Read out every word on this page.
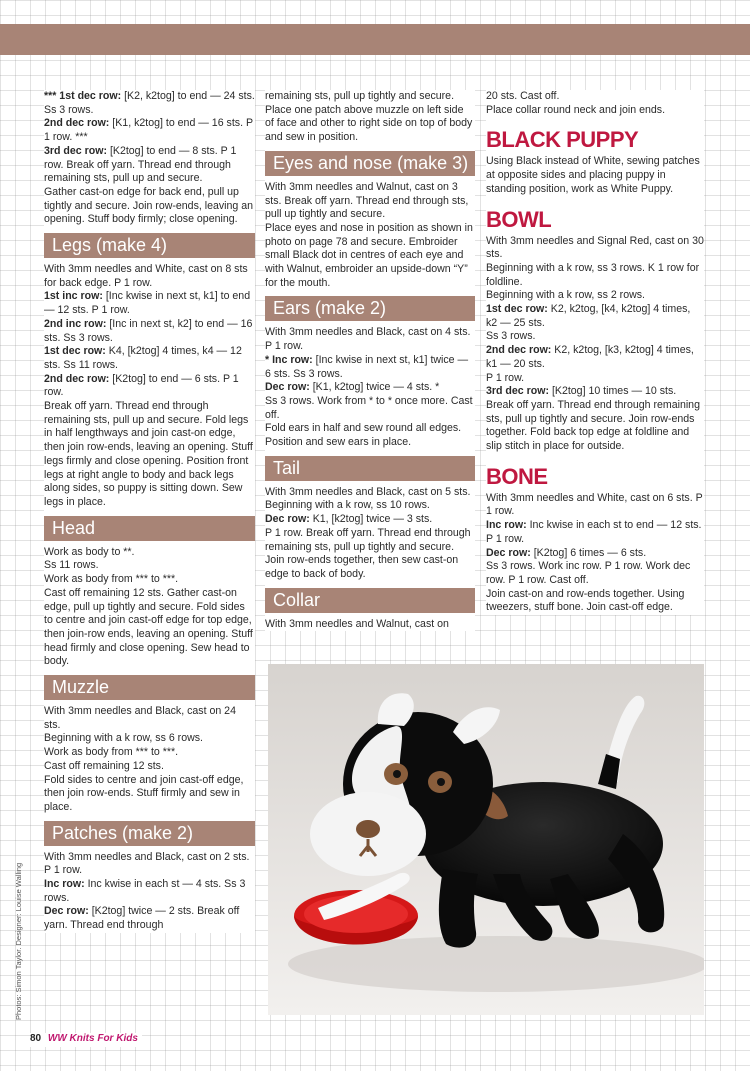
*** 1st dec row: [K2, k2tog] to end — 24 sts. Ss 3 rows.

2nd dec row: [K1, k2tog] to end — 16 sts. P 1 row. ***

3rd dec row: [K2tog] to end — 8 sts. P 1 row. Break off yarn. Thread end through remaining sts, pull up and secure.

Gather cast-on edge for back end, pull up tightly and secure. Join row-ends, leaving an opening. Stuff body firmly; close opening.

Legs (make 4)

With 3mm needles and White, cast on 8 sts for back edge. P 1 row.

1st inc row: [Inc kwise in next st, k1] to end — 12 sts. P 1 row.

2nd inc row: [Inc in next st, k2] to end — 16 sts. Ss 3 rows.

1st dec row: K4, [k2tog] 4 times, k4 — 12 sts. Ss 11 rows.

2nd dec row: [K2tog] to end — 6 sts. P 1 row.

Break off yarn. Thread end through remaining sts, pull up and secure. Fold legs in half lengthways and join cast-on edge, then join row-ends, leaving an opening. Stuff legs firmly and close opening. Position front legs at right angle to body and back legs along sides, so puppy is sitting down. Sew legs in place.

Head

Work as body to **.

Ss 11 rows.

Work as body from *** to ***.

Cast off remaining 12 sts. Gather cast-on edge, pull up tightly and secure. Fold sides to centre and join cast-off edge for top edge, then join-row ends, leaving an opening. Stuff head firmly and close opening. Sew head to body.

Muzzle

With 3mm needles and Black, cast on 24 sts.

Beginning with a k row, ss 6 rows.

Work as body from *** to ***.

Cast off remaining 12 sts.

Fold sides to centre and join cast-off edge, then join row-ends. Stuff firmly and sew in place.

Patches (make 2)

With 3mm needles and Black, cast on 2 sts. P 1 row.

Inc row: Inc kwise in each st — 4 sts. Ss 3 rows.

Dec row: [K2tog] twice — 2 sts. Break off yarn. Thread end through

remaining sts, pull up tightly and secure. Place one patch above muzzle on left side of face and other to right side on top of body and sew in position.

Eyes and nose (make 3)

With 3mm needles and Walnut, cast on 3 sts. Break off yarn. Thread end through sts, pull up tightly and secure.

Place eyes and nose in position as shown in photo on page 78 and secure. Embroider small Black dot in centres of each eye and with Walnut, embroider an upside-down “Y” for the mouth.

Ears (make 2)

With 3mm needles and Black, cast on 4 sts. P 1 row.

* Inc row: [Inc kwise in next st, k1] twice — 6 sts. Ss 3 rows.

Dec row: [K1, k2tog] twice — 4 sts. *

Ss 3 rows. Work from * to * once more. Cast off.

Fold ears in half and sew round all edges. Position and sew ears in place.

Tail

With 3mm needles and Black, cast on 5 sts. Beginning with a k row, ss 10 rows.

Dec row: K1, [k2tog] twice — 3 sts.

P 1 row. Break off yarn. Thread end through remaining sts, pull up tightly and secure. Join row-ends together, then sew cast-on edge to back of body.

Collar

With 3mm needles and Walnut, cast on

20 sts. Cast off.

Place collar round neck and join ends.

BLACK PUPPY

Using Black instead of White, sewing patches at opposite sides and placing puppy in standing position, work as White Puppy.

BOWL

With 3mm needles and Signal Red, cast on 30 sts.

Beginning with a k row, ss 3 rows. K 1 row for foldline.

Beginning with a k row, ss 2 rows.

1st dec row: K2, k2tog, [k4, k2tog] 4 times, k2 — 25 sts.

Ss 3 rows.

2nd dec row: K2, k2tog, [k3, k2tog] 4 times, k1 — 20 sts.

P 1 row.

3rd dec row: [K2tog] 10 times — 10 sts. Break off yarn. Thread end through remaining sts, pull up tightly and secure. Join row-ends together. Fold back top edge at foldline and slip stitch in place for outside.

BONE

With 3mm needles and White, cast on 6 sts. P 1 row.

Inc row: Inc kwise in each st to end — 12 sts. P 1 row.

Dec row: [K2tog] 6 times — 6 sts.

Ss 3 rows. Work inc row. P 1 row. Work dec row. P 1 row. Cast off.

Join cast-on and row-ends together. Using tweezers, stuff bone. Join cast-off edge.

Photos: Simon Taylor. Designer: Louise Walling
80 WW Knits For Kids
